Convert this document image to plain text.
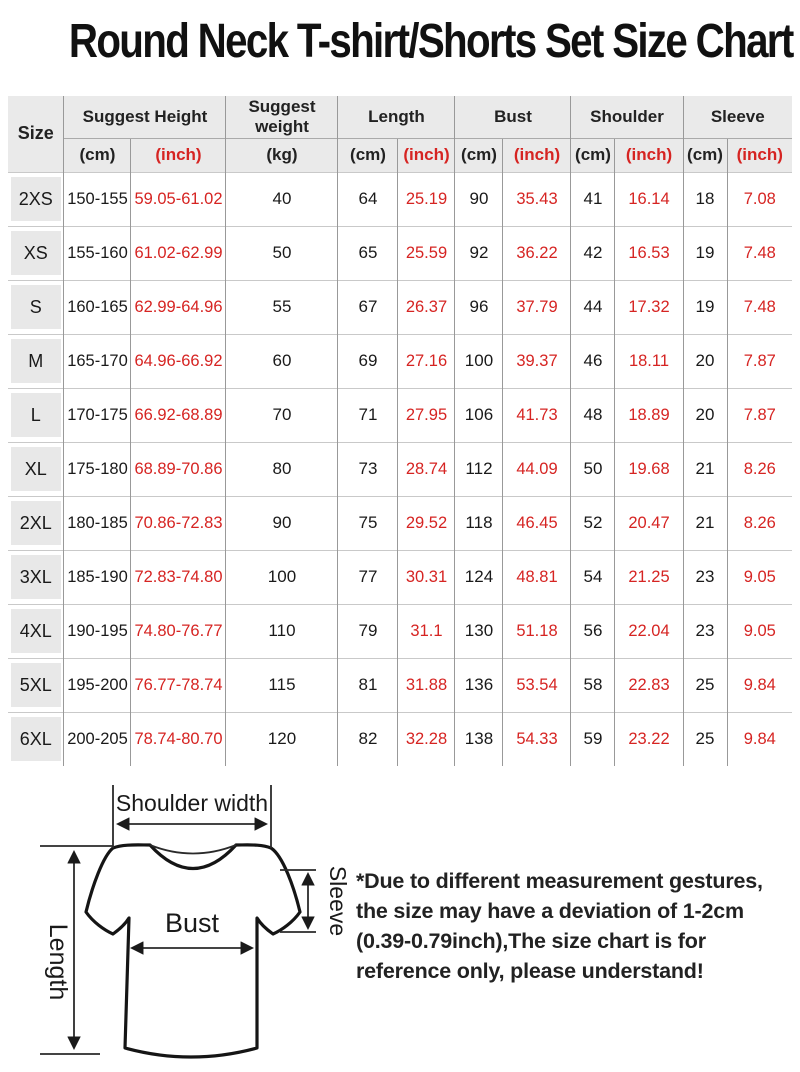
Round Neck T-shirt/Shorts Set Size Chart
Size	Suggest Height		Suggest weight	Length		Bust		Shoulder		Sleeve	
	(cm)	(inch)	(kg)	(cm)	(inch)	(cm)	(inch)	(cm)	(inch)	(cm)	(inch)
2XS	150-155	59.05-61.02	40	64	25.19	90	35.43	41	16.14	18	7.08
XS	155-160	61.02-62.99	50	65	25.59	92	36.22	42	16.53	19	7.48
S	160-165	62.99-64.96	55	67	26.37	96	37.79	44	17.32	19	7.48
M	165-170	64.96-66.92	60	69	27.16	100	39.37	46	18.11	20	7.87
L	170-175	66.92-68.89	70	71	27.95	106	41.73	48	18.89	20	7.87
XL	175-180	68.89-70.86	80	73	28.74	112	44.09	50	19.68	21	8.26
2XL	180-185	70.86-72.83	90	75	29.52	118	46.45	52	20.47	21	8.26
3XL	185-190	72.83-74.80	100	77	30.31	124	48.81	54	21.25	23	9.05
4XL	190-195	74.80-76.77	110	79	31.1	130	51.18	56	22.04	23	9.05
5XL	195-200	76.77-78.74	115	81	31.88	136	53.54	58	22.83	25	9.84
6XL	200-205	78.74-80.70	120	82	32.28	138	54.33	59	23.22	25	9.84
Shoulder width
Length
Bust	Sleeve *Due to different measurement gestures,
the size may have a deviation of 1-2cm
(0.39-0.79inch),The size chart is for
reference only, please understand!
